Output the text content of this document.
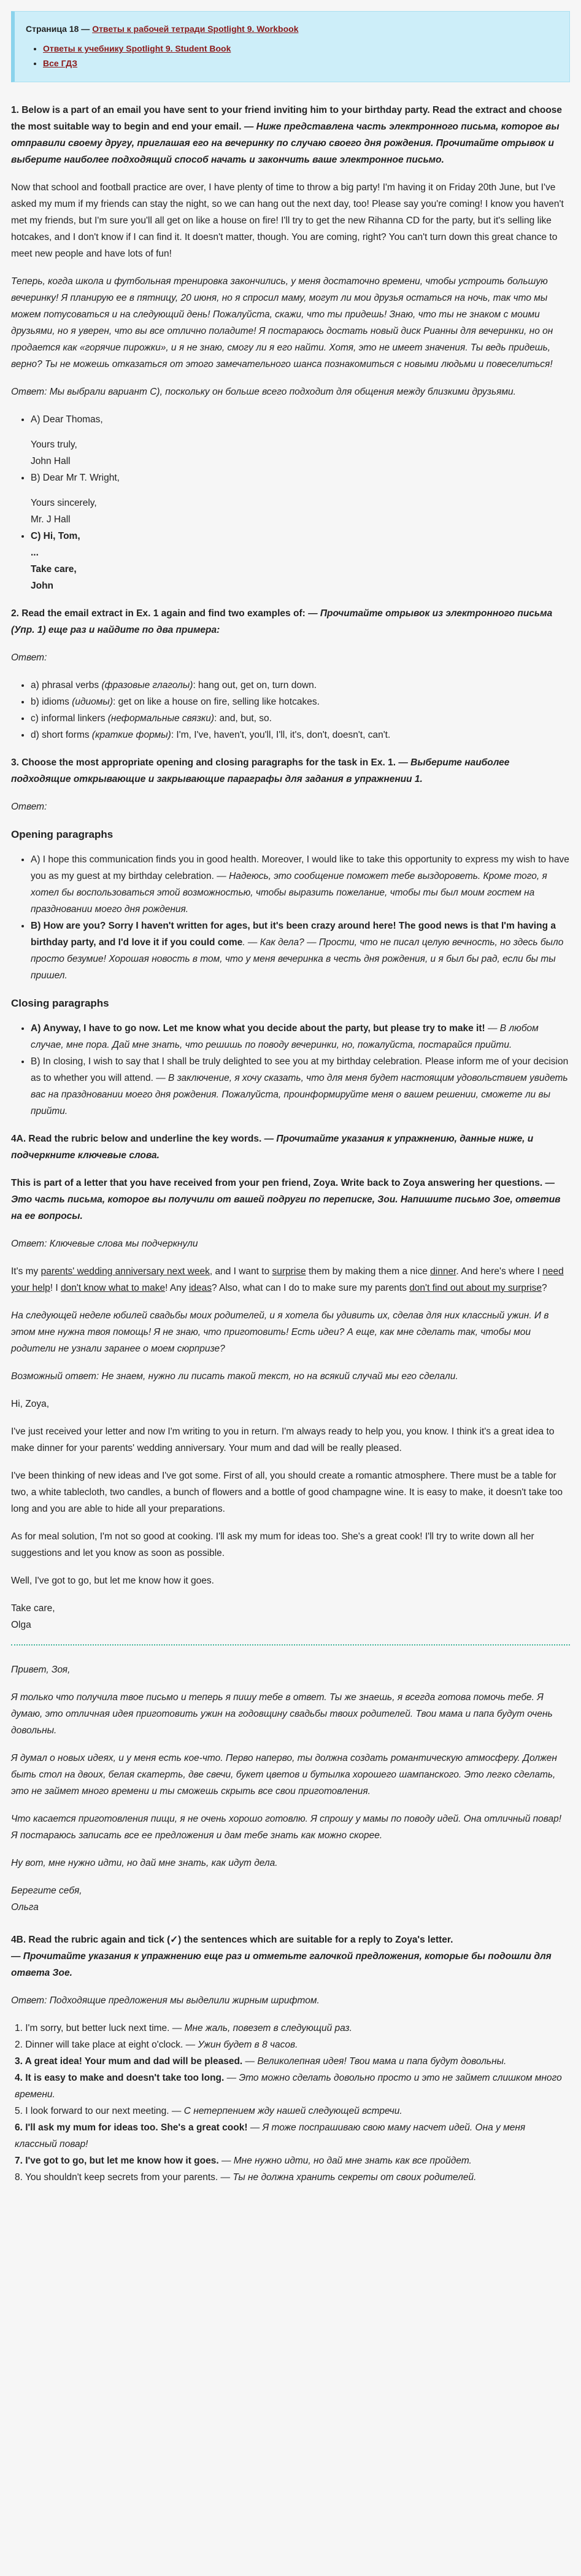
Страница 18 — Ответы к рабочей тетради Spotlight 9. Workbook
• Ответы к учебнику Spotlight 9. Student Book
• Все ГДЗ

1. Below is a part of an email you have sent to your friend inviting him to your birthday party. Read the extract and choose the most suitable way to begin and end your email. — Ниже представлена часть электронного письма, которое вы отправили своему другу, приглашая его на вечеринку по случаю своего дня рождения. Прочитайте отрывок и выберите наиболее подходящий способ начать и закончить ваше электронное письмо.

Now that school and football practice are over, I have plenty of time to throw a big party! I'm having it on Friday 20th June, but I've asked my mum if my friends can stay the night, so we can hang out the next day, too! Please say you're coming! I know you haven't met my friends, but I'm sure you'll all get on like a house on fire! I'll try to get the new Rihanna CD for the party, but it's selling like hotcakes, and I don't know if I can find it. It doesn't matter, though. You are coming, right? You can't turn down this great chance to meet new people and have lots of fun!

Теперь, когда школа и футбольная тренировка закончились, у меня достаточно времени, чтобы устроить большую вечеринку! Я планирую ее в пятницу, 20 июня, но я спросил маму, могут ли мои друзья остаться на ночь, так что мы можем потусоваться и на следующий день! Пожалуйста, скажи, что ты придешь! Знаю, что ты не знаком с моими друзьями, но я уверен, что вы все отлично поладите! Я постараюсь достать новый диск Рианны для вечеринки, но он продается как «горячие пирожки», и я не знаю, смогу ли я его найти. Хотя, это не имеет значения. Ты ведь придешь, верно? Ты не можешь отказаться от этого замечательного шанса познакомиться с новыми людьми и повеселиться!

Ответ: Мы выбрали вариант C), поскольку он больше всего подходит для общения между близкими друзьями.

• A) Dear Thomas,
Yours truly,
John Hall
• B) Dear Mr T. Wright,
Yours sincerely,
Mr. J Hall
• C) Hi, Tom,
...
Take care,
John

2. Read the email extract in Ex. 1 again and find two examples of: — Прочитайте отрывок из электронного письма (Упр. 1) еще раз и найдите по два примера:

Ответ:

• a) phrasal verbs (фразовые глаголы): hang out, get on, turn down.
• b) idioms (идиомы): get on like a house on fire, selling like hotcakes.
• c) informal linkers (неформальные связки): and, but, so.
• d) short forms (краткие формы): I'm, I've, haven't, you'll, I'll, it's, don't, doesn't, can't.

3. Choose the most appropriate opening and closing paragraphs for the task in Ex. 1. — Выберите наиболее подходящие открывающие и закрывающие параграфы для задания в упражнении 1.

Ответ:

Opening paragraphs
• A) I hope this communication finds you in good health. Moreover, I would like to take this opportunity to express my wish to have you as my guest at my birthday celebration. — Надеюсь, это сообщение поможет тебе выздороветь. Кроме того, я хотел бы воспользоваться этой возможностью, чтобы выразить пожелание, чтобы ты был моим гостем на праздновании моего дня рождения.
• B) How are you? Sorry I haven't written for ages, but it's been crazy around here! The good news is that I'm having a birthday party, and I'd love it if you could come. — Как дела? — Прости, что не писал целую вечность, но здесь было просто безумие! Хорошая новость в том, что у меня вечеринка в честь дня рождения, и я был бы рад, если бы ты пришел.
Closing paragraphs
• A) Anyway, I have to go now. Let me know what you decide about the party, but please try to make it! — В любом случае, мне пора. Дай мне знать, что решишь по поводу вечеринки, но, пожалуйста, постарайся прийти.
• B) In closing, I wish to say that I shall be truly delighted to see you at my birthday celebration. Please inform me of your decision as to whether you will attend. — В заключение, я хочу сказать, что для меня будет настоящим удовольствием увидеть вас на праздновании моего дня рождения. Пожалуйста, проинформируйте меня о вашем решении, сможете ли вы прийти.

4A. Read the rubric below and underline the key words. — Прочитайте указания к упражнению, данные ниже, и подчеркните ключевые слова.

This is part of a letter that you have received from your pen friend, Zoya. Write back to Zoya answering her questions. — Это часть письма, которое вы получили от вашей подруги по переписке, Зои. Напишите письмо Зое, ответив на ее вопросы.

Ответ: Ключевые слова мы подчеркнули

It's my parents' wedding anniversary next week, and I want to surprise them by making them a nice dinner. And here's where I need your help! I don't know what to make! Any ideas? Also, what can I do to make sure my parents don't find out about my surprise?

На следующей неделе юбилей свадьбы моих родителей, и я хотела бы удивить их, сделав для них классный ужин. И в этом мне нужна твоя помощь! Я не знаю, что приготовить! Есть идеи? А еще, как мне сделать так, чтобы мои родители не узнали заранее о моем сюрпризе?

Возможный ответ: Не знаем, нужно ли писать такой текст, но на всякий случай мы его сделали.

Hi, Zoya,

I've just received your letter and now I'm writing to you in return. I'm always ready to help you, you know. I think it's a great idea to make dinner for your parents' wedding anniversary. Your mum and dad will be really pleased.

I've been thinking of new ideas and I've got some. First of all, you should create a romantic atmosphere. There must be a table for two, a white tablecloth, two candles, a bunch of flowers and a bottle of good champagne wine. It is easy to make, it doesn't take too long and you are able to hide all your preparations.

As for meal solution, I'm not so good at cooking. I'll ask my mum for ideas too. She's a great cook! I'll try to write down all her suggestions and let you know as soon as possible.

Well, I've got to go, but let me know how it goes.

Take care,
Olga

Привет, Зоя,

Я только что получила твое письмо и теперь я пишу тебе в ответ. Ты же знаешь, я всегда готова помочь тебе. Я думаю, это отличная идея приготовить ужин на годовщину свадьбы твоих родителей. Твои мама и папа будут очень довольны.

Я думал о новых идеях, и у меня есть кое-что. Перво наперво, ты должна создать романтическую атмосферу. Должен быть стол на двоих, белая скатерть, две свечи, букет цветов и бутылка хорошего шампанского. Это легко сделать, это не займет много времени и ты сможешь скрыть все свои приготовления.

Что касается приготовления пищи, я не очень хорошо готовлю. Я спрошу у мамы по поводу идей. Она отличный повар! Я постараюсь записать все ее предложения и дам тебе знать как можно скорее.

Ну вот, мне нужно идти, но дай мне знать, как идут дела.

Берегите себя,
Ольга

4B. Read the rubric again and tick (✓) the sentences which are suitable for a reply to Zoya's letter.
— Прочитайте указания к упражнению еще раз и отметьте галочкой предложения, которые бы подошли для ответа Зое.

Ответ: Подходящие предложения мы выделили жирным шрифтом.

1. I'm sorry, but better luck next time. — Мне жаль, повезет в следующий раз.
2. Dinner will take place at eight o'clock. — Ужин будет в 8 часов.
3. A great idea! Your mum and dad will be pleased. — Великолепная идея! Твои мама и папа будут довольны.
4. It is easy to make and doesn't take too long. — Это можно сделать довольно просто и это не займет слишком много времени.
5. I look forward to our next meeting. — С нетерпением жду нашей следующей встречи.
6. I'll ask my mum for ideas too. She's a great cook! — Я тоже поспрашиваю свою маму насчет идей. Она у меня классный повар!
7. I've got to go, but let me know how it goes. — Мне нужно идти, но дай мне знать как все пройдет.
8. You shouldn't keep secrets from your parents. — Ты не должна хранить секреты от своих родителей.
